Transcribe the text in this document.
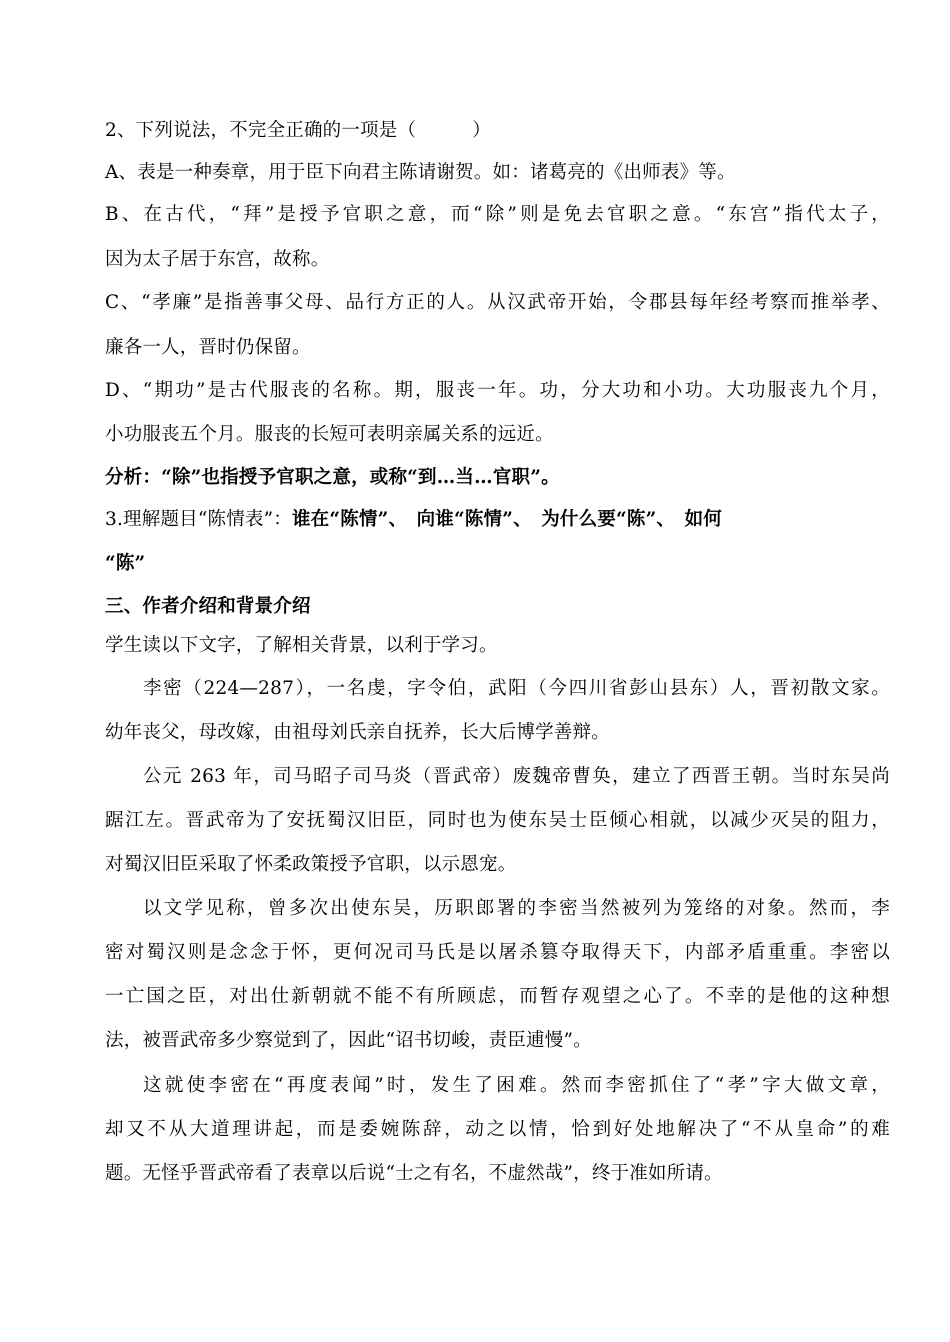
2、下列说法，不完全正确的一项是（　　　）
A、表是一种奏章，用于臣下向君主陈请谢贺。如：诸葛亮的《出师表》等。
B、在古代，“拜”是授予官职之意，而“除”则是免去官职之意。“东宫”指代太子，
因为太子居于东宫，故称。
C、“孝廉”是指善事父母、品行方正的人。从汉武帝开始，令郡县每年经考察而推举孝、
廉各一人，晋时仍保留。
D、“期功”是古代服丧的名称。期，服丧一年。功，分大功和小功。大功服丧九个月，
小功服丧五个月。服丧的长短可表明亲属关系的远近。
分析：“除”也指授予官职之意，或称“到…当…官职”。
3.理解题目“陈情表”：谁在“陈情”、　向谁“陈情”、　为什么要“陈”、　如何
“陈”
三、作者介绍和背景介绍
学生读以下文字，了解相关背景，以利于学习。
李密（224—287），一名虔，字令伯，武阳（今四川省彭山县东）人，晋初散文家。
幼年丧父，母改嫁，由祖母刘氏亲自抚养，长大后博学善辩。
公元 263 年，司马昭子司马炎（晋武帝）废魏帝曹奂，建立了西晋王朝。当时东吴尚
踞江左。晋武帝为了安抚蜀汉旧臣，同时也为使东吴士臣倾心相就，以减少灭吴的阻力，
对蜀汉旧臣采取了怀柔政策授予官职，以示恩宠。
以文学见称，曾多次出使东吴，历职郎署的李密当然被列为笼络的对象。然而，李
密对蜀汉则是念念于怀，更何况司马氏是以屠杀篡夺取得天下，内部矛盾重重。李密以
一亡国之臣，对出仕新朝就不能不有所顾虑，而暂存观望之心了。不幸的是他的这种想
法，被晋武帝多少察觉到了，因此“诏书切峻，责臣逋慢”。
这就使李密在“再度表闻”时，发生了困难。然而李密抓住了“孝”字大做文章，
却又不从大道理讲起，而是委婉陈辞，动之以情，恰到好处地解决了“不从皇命”的难
题。无怪乎晋武帝看了表章以后说“士之有名，不虚然哉”，终于准如所请。
